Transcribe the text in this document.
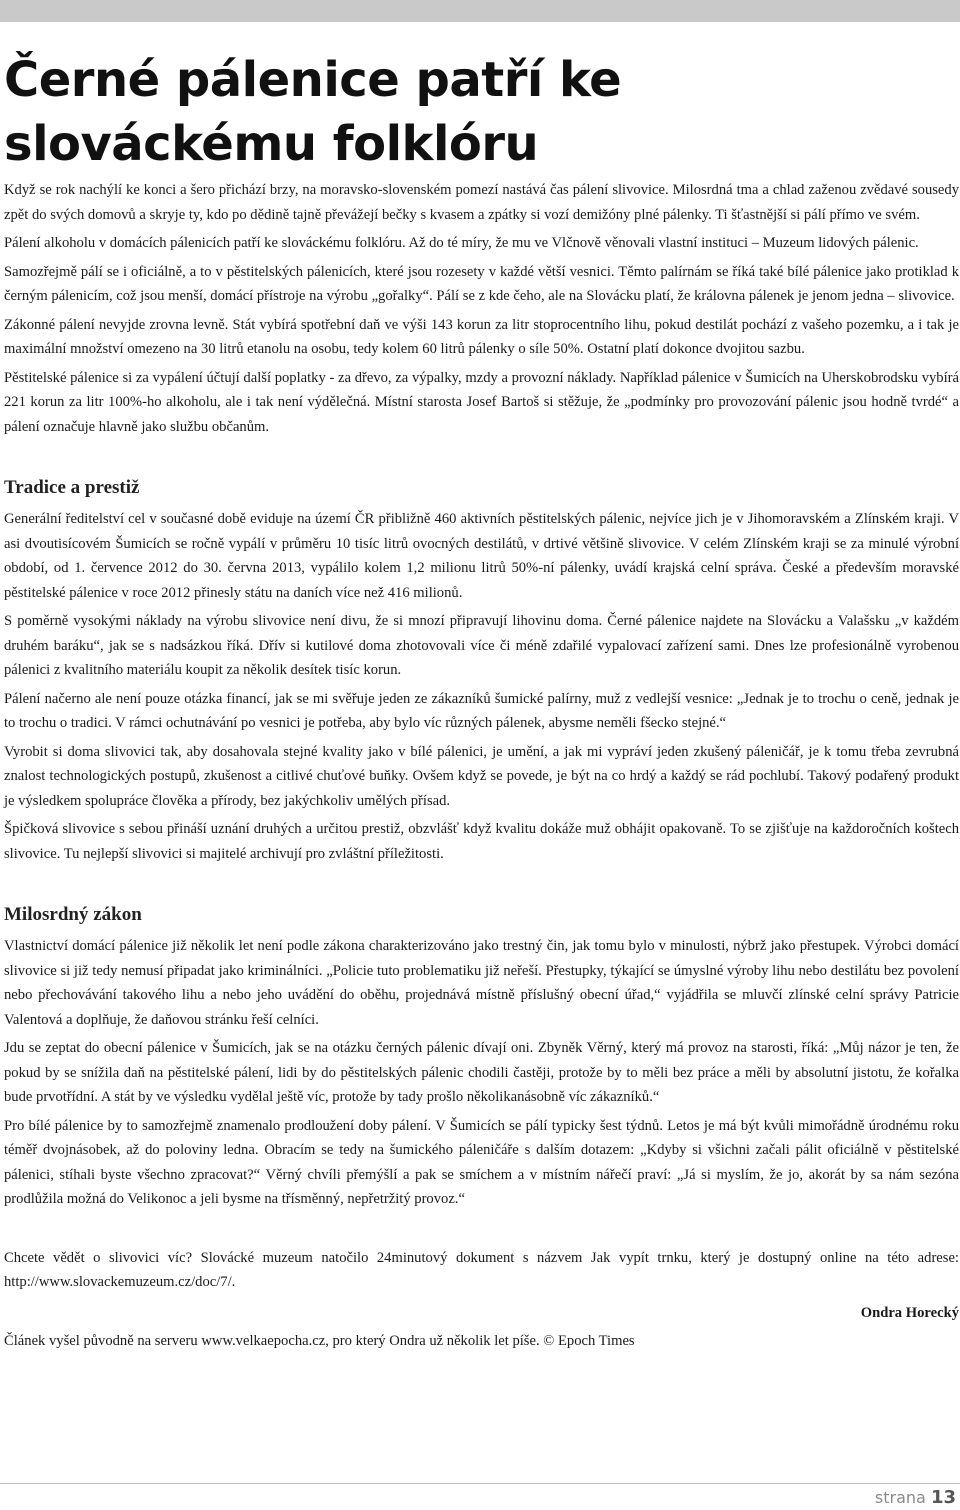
Černé pálenice patří ke slováckému folklóru

Když se rok nachýlí ke konci a šero přichází brzy, na moravsko-slovenském pomezí nastává čas pálení slivovice. Milosrdná tma a chlad zaženou zvědavé sousedy zpět do svých domovů a skryje ty, kdo po dědině tajně převážejí bečky s kvasem a zpátky si vozí demižóny plné pálenky. Ti šťastnější si pálí přímo ve svém.

Pálení alkoholu v domácích pálenicích patří ke slováckému folklóru. Až do té míry, že mu ve Vlčnově věnovali vlastní instituci – Muzeum lidových pálenic.

Samozřejmě pálí se i oficiálně, a to v pěstitelských pálenicích, které jsou rozesety v každé větší vesnici. Těmto palírnám se říká také bílé pálenice jako protiklad k černým pálenicím, což jsou menší, domácí přístroje na výrobu „gořalky“. Pálí se z kde čeho, ale na Slovácku platí, že královna pálenek je jenom jedna – slivovice.

Zákonné pálení nevyjde zrovna levně. Stát vybírá spotřební daň ve výši 143 korun za litr stoprocentního lihu, pokud destilát pochází z vašeho pozemku, a i tak je maximální množství omezeno na 30 litrů etanolu na osobu, tedy kolem 60 litrů pálenky o síle 50%. Ostatní platí dokonce dvojitou sazbu.

Pěstitelské pálenice si za vypálení účtují další poplatky - za dřevo, za výpalky, mzdy a provozní náklady. Například pálenice v Šumicích na Uherskobrodsku vybírá 221 korun za litr 100%-ho alkoholu, ale i tak není výdělečná. Místní starosta Josef Bartoš si stěžuje, že „podmínky pro provozování pálenic jsou hodně tvrdé“ a pálení označuje hlavně jako službu občanům.

Tradice a prestiž

Generální ředitelství cel v současné době eviduje na území ČR přibližně 460 aktivních pěstitelských pálenic, nejvíce jich je v Jihomoravském a Zlínském kraji. V asi dvoutisícovém Šumicích se ročně vypálí v průměru 10 tisíc litrů ovocných destilátů, v drtivé většině slivovice. V celém Zlínském kraji se za minulé výrobní období, od 1. července 2012 do 30. června 2013, vypálilo kolem 1,2 milionu litrů 50%-ní pálenky, uvádí krajská celní správa. České a především moravské pěstitelské pálenice v roce 2012 přinesly státu na daních více než 416 milionů.

S poměrně vysokými náklady na výrobu slivovice není divu, že si mnozí připravují lihovinu doma. Černé pálenice najdete na Slovácku a Valašsku „v každém druhém baráku“, jak se s nadsázkou říká. Dřív si kutilové doma zhotovovali více či méně zdařilé vypalovací zařízení sami. Dnes lze profesionálně vyrobenou pálenici z kvalitního materiálu koupit za několik desítek tisíc korun.

Pálení načerno ale není pouze otázka financí, jak se mi svěřuje jeden ze zákazníků šumické palírny, muž z vedlejší vesnice: „Jednak je to trochu o ceně, jednak je to trochu o tradici. V rámci ochutnávání po vesnici je potřeba, aby bylo víc různých pálenek, abysme neměli fšecko stejné.“

Vyrobit si doma slivovici tak, aby dosahovala stejné kvality jako v bílé pálenici, je umění, a jak mi vypráví jeden zkušený páleničář, je k tomu třeba zevrubná znalost technologických postupů, zkušenost a citlivé chuťové buňky. Ovšem když se povede, je být na co hrdý a každý se rád pochlubí. Takový podařený produkt je výsledkem spolupráce člověka a přírody, bez jakýchkoliv umělých přísad.

Špičková slivovice s sebou přináší uznání druhých a určitou prestiž, obzvlášť když kvalitu dokáže muž obhájit opakovaně. To se zjišťuje na každoročních koštech slivovice. Tu nejlepší slivovici si majitelé archivují pro zvláštní příležitosti.

Milosrdný zákon

Vlastnictví domácí pálenice již několik let není podle zákona charakterizováno jako trestný čin, jak tomu bylo v minulosti, nýbrž jako přestupek. Výrobci domácí slivovice si již tedy nemusí připadat jako kriminálníci. „Policie tuto problematiku již neřeší. Přestupky, týkající se úmyslné výroby lihu nebo destilátu bez povolení nebo přechovávání takového lihu a nebo jeho uvádění do oběhu, projednává místně příslušný obecní úřad,“ vyjádřila se mluvčí zlínské celní správy Patricie Valentová a doplňuje, že daňovou stránku řeší celníci.

Jdu se zeptat do obecní pálenice v Šumicích, jak se na otázku černých pálenic dívají oni. Zbyněk Věrný, který má provoz na starosti, říká: „Můj názor je ten, že pokud by se snížila daň na pěstitelské pálení, lidi by do pěstitelských pálenic chodili častěji, protože by to měli bez práce a měli by absolutní jistotu, že kořalka bude prvotřídní. A stát by ve výsledku vydělal ještě víc, protože by tady prošlo několikanásobně víc zákazníků.“

Pro bílé pálenice by to samozřejmě znamenalo prodloužení doby pálení. V Šumicích se pálí typicky šest týdnů. Letos je má být kvůli mimořádně úrodnému roku téměř dvojnásobek, až do poloviny ledna. Obracím se tedy na šumického páleničáře s dalším dotazem: „Kdyby si všichni začali pálit oficiálně v pěstitelské pálenici, stíhali byste všechno zpracovat?“ Věrný chvíli přemýšlí a pak se smíchem a v místním nářečí praví: „Já si myslím, že jo, akorát by sa nám sezóna prodlůžila možná do Velikonoc a jeli bysme na třísměnný, nepřetržitý provoz.“

Chcete vědět o slivovici víc? Slovácké muzeum natočilo 24minutový dokument s názvem Jak vypít trnku, který je dostupný online na této adrese: http://www.slovackemuzeum.cz/doc/7/.

Ondra Horecký

Článek vyšel původně na serveru www.velkaepocha.cz, pro který Ondra už několik let píše. © Epoch Times

strana 13
